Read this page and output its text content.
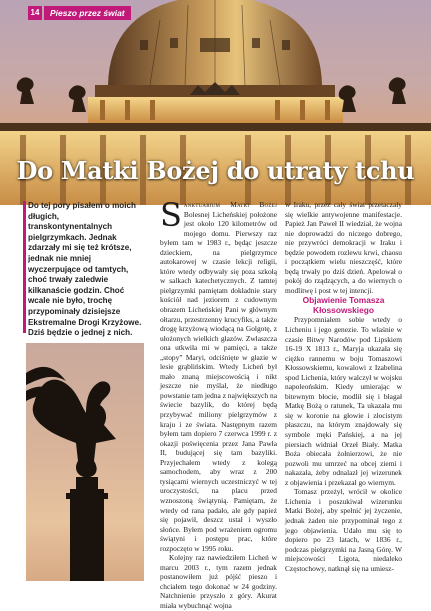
Do Matki Bożej do utraty tchu
14	Pieszo przez świat
Do tej pory pisałem o moich długich, transkontynentalnych pielgrzymkach. Jednak zdarzały mi się też krótsze, jednak nie mniej wyczerpujące od tamtych, choć trwały zaledwie kilkanaście godzin. Choć wcale nie było, trochę przypominały dzisiejsze Ekstremalne Drogi Krzyżowe. Dziś będzie o jednej z nich.

Sanktuarium Matki Bożej Bolesnej Licheńskiej położone jest około 120 kilometrów od mojego domu. Pierwszy raz byłem tam w 1983 r., będąc jeszcze dzieckiem, na pielgrzymce autokarowej w czasie lekcji religii, które wtedy odbywały się poza szkołą w salkach katechetycznych. Z tamtej pielgrzymki pamiętam dokładnie stary kościół nad jeziorem z cudownym obrazem Licheńskiej Pani w głównym ołtarzu, przestrzenny krucyfiks, a także drogę krzyżową wiodącą na Golgotę, z ułożonych wielkich głazów. Zwłaszcza ona utkwiła mi w pamięci, a także „stopy” Maryi, odciśnięte w głazie w lesie grąblińskim. Wtedy Licheń był mało znaną miejscowością i nikt jeszcze nie myślał, że niedługo powstanie tam jedna z największych na świecie bazylik, do której będą przybywać miliony pielgrzymów z kraju i ze świata. Następnym razem byłem tam dopiero 7 czerwca 1999 r. z okazji poświęcenia przez Jana Pawła II, budującej się tam bazyliki. Przyjechałem wtedy z kolegą samochodem, aby wraz z 200 tysiącami wiernych uczestniczyć w tej uroczystości, na placu przed wznoszoną świątynią. Pamiętam, że wtedy od rana padało, ale gdy papież się pojawił, deszcz ustał i wyszło słońce. Byłem pod wrażeniem ogromu świątyni i postępu prac, które rozpoczęto w 1995 roku.

Kolejny raz nawiedziłem Licheń w marcu 2003 r., tym razem jednak postanowiłem już pójść pieszo i chciałem tego dokonać w 24 godziny. Natchnienie przyszło z góry. Akurat miała wybuchnąć wojna

w Iraku, przez cały świat przetaczały się wielkie antywojenne manifestacje. Papież Jan Paweł II wiedział, że wojna nie doprowadzi do niczego dobrego, nie przywróci demokracji w Iraku i będzie powodem rozlewu krwi, chaosu i początkiem wielu nieszczęść, które będą trwały po dziś dzień. Apelował o pokój do rządzących, a do wiernych o modlitwę i post w tej intencji.

Objawienie Tomasza Kłossowskiego

Przypomniałem sobie wtedy o Licheniu i jego genezie. To właśnie w czasie Bitwy Narodów pod Lipskiem 16-19 X 1813 r., Maryja ukazała się ciężko rannemu w boju Tomaszowi Kłossowskiemu, kowalowi z Izabelina spod Lichenia, który walczył w wojsku napoleońskim. Kiedy umierając w bitewnym błocie, modlił się i błagał Matkę Bożą o ratunek, Ta ukazała mu się w koronie na głowie i złocistym płaszczu, na którym znajdowały się symbole męki Pańskiej, a na jej piersiach widniał Orzeł Biały. Matka Boża obiecała żołnierzowi, że nie pozwoli mu umrzeć na obcej ziemi i nakazała, żeby odnalazł jej wizerunek z objawienia i przekazał go wiernym.

Tomasz przeżył, wrócił w okolice Lichenia i poszukiwał wizerunku Matki Bożej, aby spełnić jej życzenie, jednak żaden nie przypominał tego z jego objawienia. Udało mu się to dopiero po 23 latach, w 1836 r., podczas pielgrzymki na Jasną Górę. W miejscowości Ligota, niedaleko Częstochowy, natknął się na umiesz-
